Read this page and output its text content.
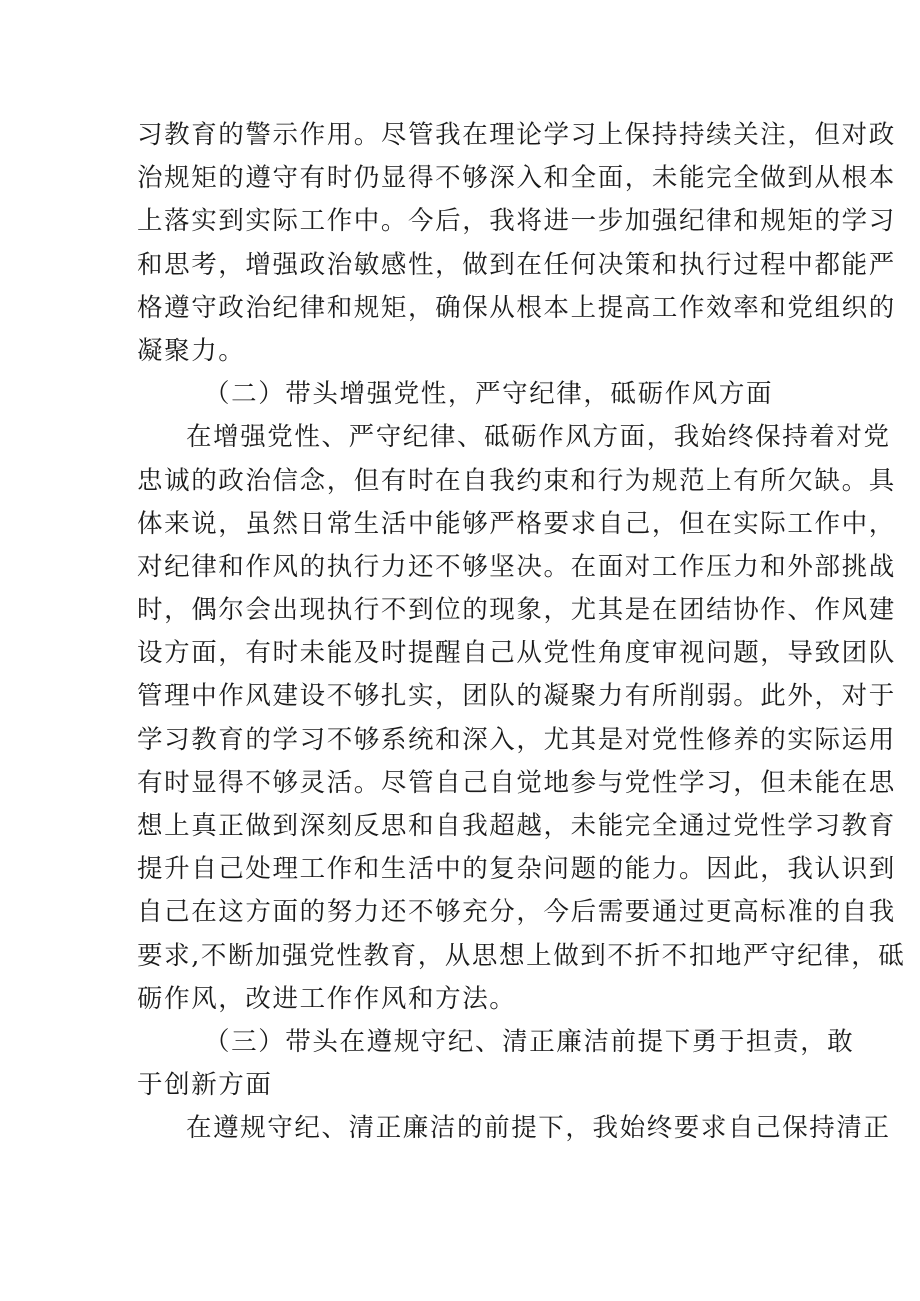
习教育的警示作用。尽管我在理论学习上保持持续关注，但对政
治规矩的遵守有时仍显得不够深入和全面，未能完全做到从根本
上落实到实际工作中。今后，我将进一步加强纪律和规矩的学习
和思考，增强政治敏感性，做到在任何决策和执行过程中都能严
格遵守政治纪律和规矩，确保从根本上提高工作效率和党组织的
凝聚力。
（二）带头增强党性，严守纪律，砥砺作风方面
在增强党性、严守纪律、砥砺作风方面，我始终保持着对党
忠诚的政治信念，但有时在自我约束和行为规范上有所欠缺。具
体来说，虽然日常生活中能够严格要求自己，但在实际工作中，
对纪律和作风的执行力还不够坚决。在面对工作压力和外部挑战
时，偶尔会出现执行不到位的现象，尤其是在团结协作、作风建
设方面，有时未能及时提醒自己从党性角度审视问题，导致团队
管理中作风建设不够扎实，团队的凝聚力有所削弱。此外，对于
学习教育的学习不够系统和深入，尤其是对党性修养的实际运用
有时显得不够灵活。尽管自己自觉地参与党性学习，但未能在思
想上真正做到深刻反思和自我超越，未能完全通过党性学习教育
提升自己处理工作和生活中的复杂问题的能力。因此，我认识到
自己在这方面的努力还不够充分，今后需要通过更高标准的自我
要求,不断加强党性教育，从思想上做到不折不扣地严守纪律，砥
砺作风，改进工作作风和方法。
（三）带头在遵规守纪、清正廉洁前提下勇于担责，敢
于创新方面
在遵规守纪、清正廉洁的前提下，我始终要求自己保持清正
